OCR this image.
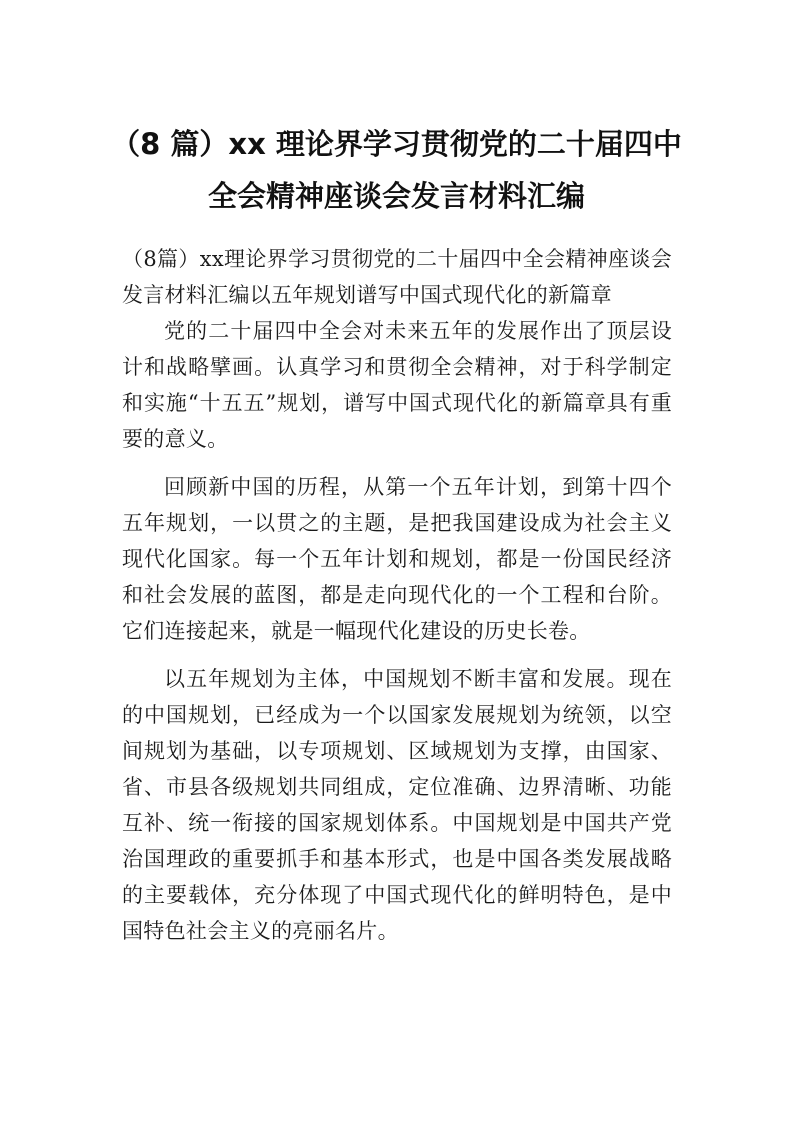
（8 篇）xx 理论界学习贯彻党的二十届四中
全会精神座谈会发言材料汇编

（8篇）xx理论界学习贯彻党的二十届四中全会精神座谈会发言材料汇编以五年规划谱写中国式现代化的新篇章

党的二十届四中全会对未来五年的发展作出了顶层设计和战略擘画。认真学习和贯彻全会精神，对于科学制定和实施“十五五”规划，谱写中国式现代化的新篇章具有重要的意义。

回顾新中国的历程，从第一个五年计划，到第十四个五年规划，一以贯之的主题，是把我国建设成为社会主义现代化国家。每一个五年计划和规划，都是一份国民经济和社会发展的蓝图，都是走向现代化的一个工程和台阶。它们连接起来，就是一幅现代化建设的历史长卷。

以五年规划为主体，中国规划不断丰富和发展。现在的中国规划，已经成为一个以国家发展规划为统领，以空间规划为基础，以专项规划、区域规划为支撑，由国家、省、市县各级规划共同组成，定位准确、边界清晰、功能互补、统一衔接的国家规划体系。中国规划是中国共产党治国理政的重要抓手和基本形式，也是中国各类发展战略的主要载体，充分体现了中国式现代化的鲜明特色，是中国特色社会主义的亮丽名片。
